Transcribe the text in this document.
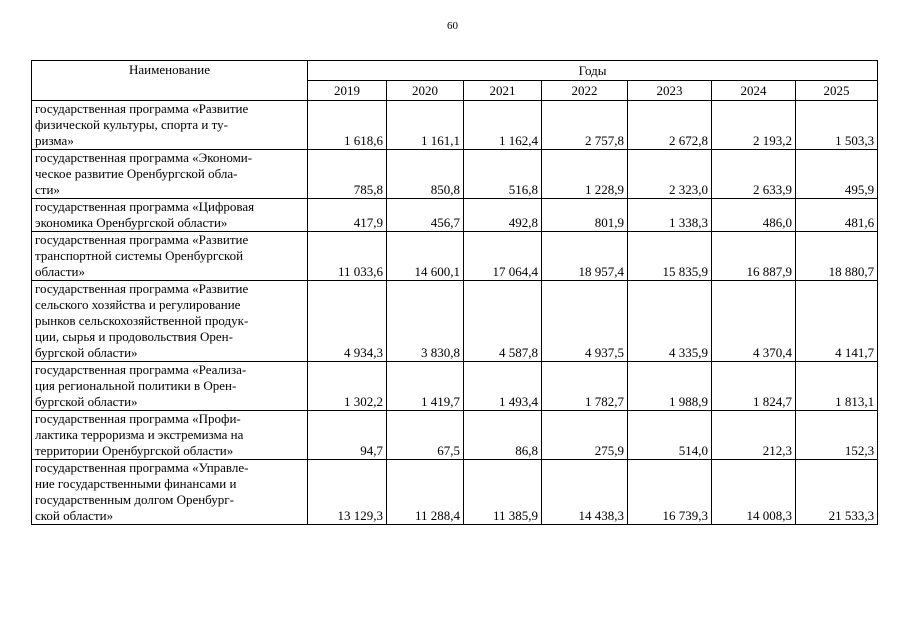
60
Наименование	Годы						
	2019	2020	2021	2022	2023	2024	2025

государственная программа «Развитие
физической культуры, спорта и ту-
ризма»	1 618,6	1 161,1	1 162,4	2 757,8	2 672,8	2 193,2	1 503,3

государственная программа «Экономи-
ческое развитие Оренбургской обла-
сти»	785,8	850,8	516,8	1 228,9	2 323,0	2 633,9	495,9

государственная программа «Цифровая
экономика Оренбургской области»	417,9	456,7	492,8	801,9	1 338,3	486,0	481,6

государственная программа «Развитие
транспортной системы Оренбургской
области»	11 033,6	14 600,1	17 064,4	18 957,4	15 835,9	16 887,9	18 880,7

государственная программа «Развитие
сельского хозяйства и регулирование
рынков сельскохозяйственной продук-
ции, сырья и продовольствия Орен-
бургской области»	4 934,3	3 830,8	4 587,8	4 937,5	4 335,9	4 370,4	4 141,7

государственная программа «Реализа-
ция региональной политики в Орен-
бургской области»	1 302,2	1 419,7	1 493,4	1 782,7	1 988,9	1 824,7	1 813,1

государственная программа «Профи-
лактика терроризма и экстремизма на
территории Оренбургской области»	94,7	67,5	86,8	275,9	514,0	212,3	152,3

государственная программа «Управле-
ние государственными финансами и
государственным долгом Оренбург-
ской области»	13 129,3	11 288,4	11 385,9	14 438,3	16 739,3	14 008,3	21 533,3
